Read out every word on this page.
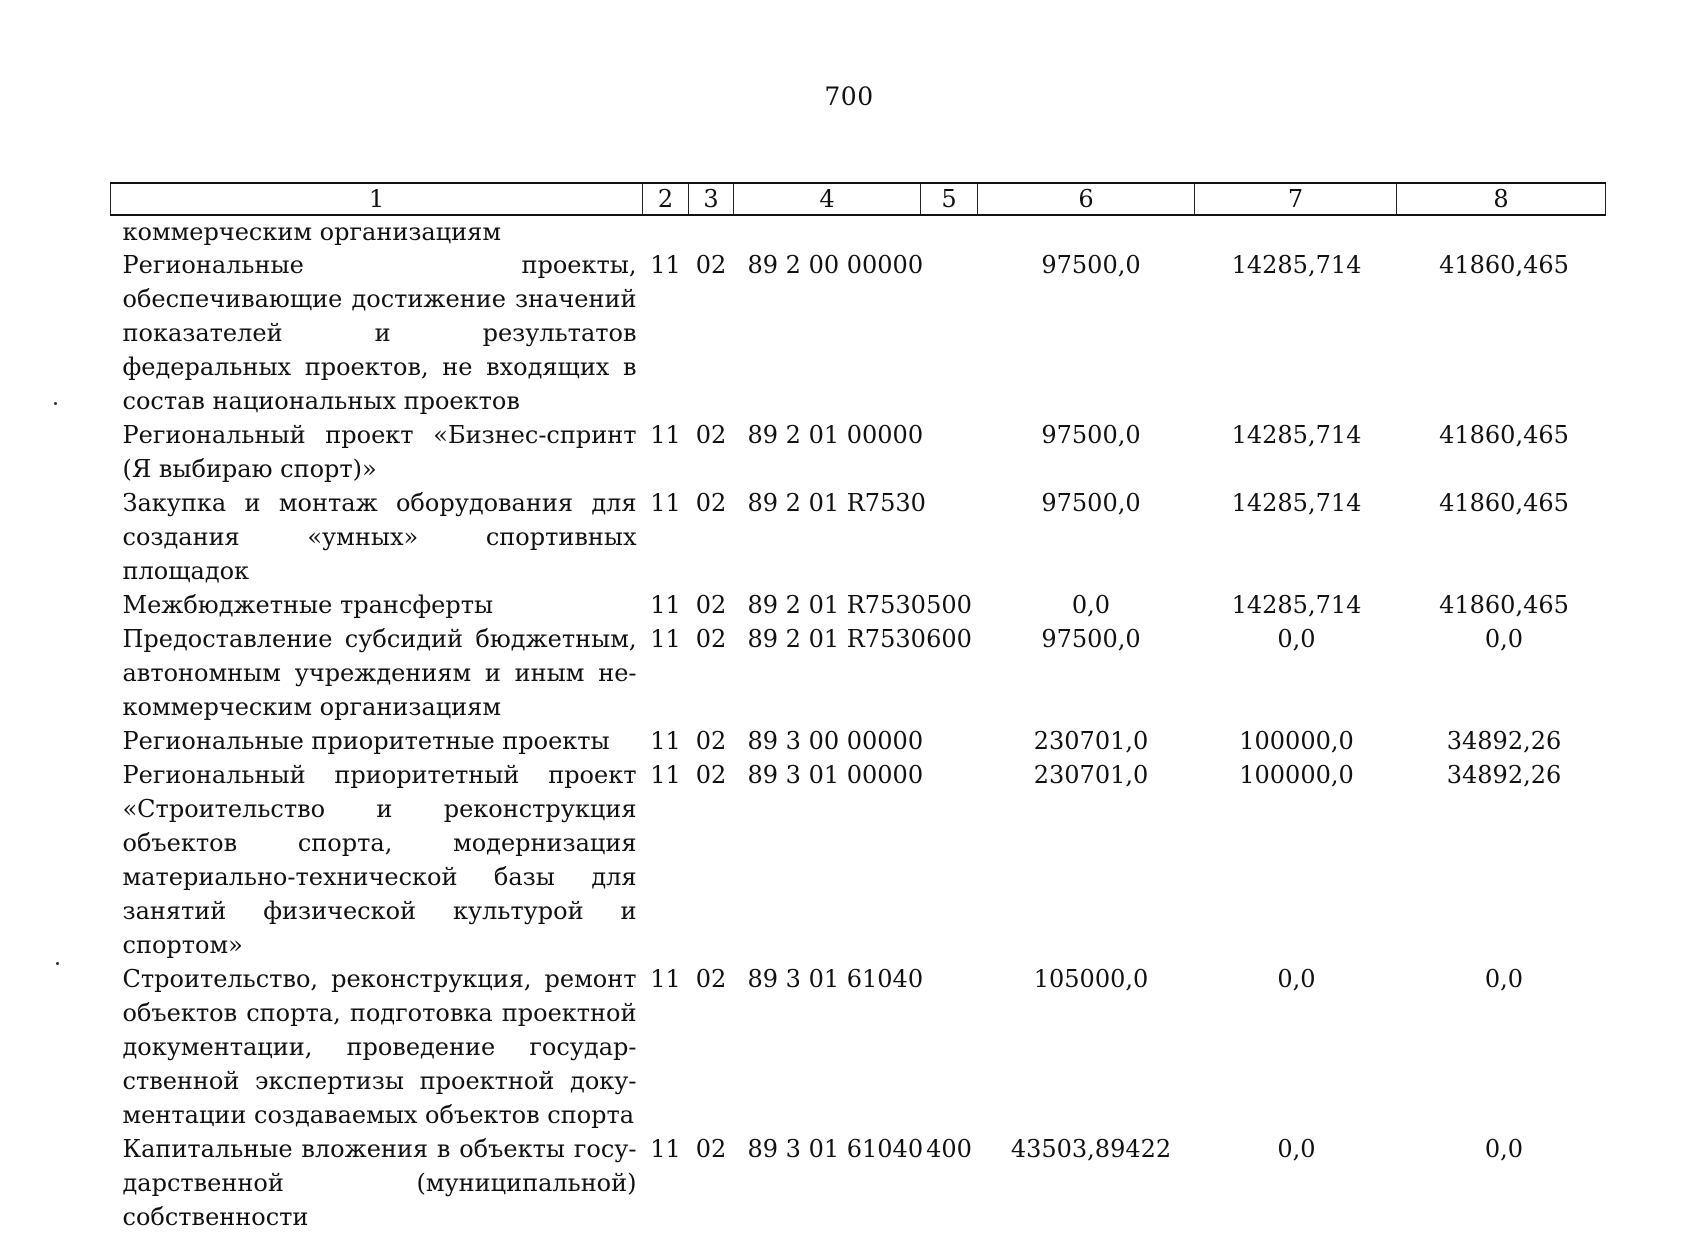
700
1	2	3	4	5	6	7	8
коммерческим организациям							
Региональные проекты, обеспечивающие достижение значений показателей и результатов федеральных проектов, не входящих в состав национальных проектов	11	02	89 2 00 00000		97500,0	14285,714	41860,465
Региональный проект «Бизнес-спринт (Я выбираю спорт)»	11	02	89 2 01 00000		97500,0	14285,714	41860,465
Закупка и монтаж оборудования для создания «умных» спортивных площадок	11	02	89 2 01 R7530		97500,0	14285,714	41860,465
Межбюджетные трансферты	11	02	89 2 01 R7530	500	0,0	14285,714	41860,465
Предоставление субсидий бюджетным, автономным учреждениям и иным некоммерческим организациям	11	02	89 2 01 R7530	600	97500,0	0,0	0,0
Региональные приоритетные проекты	11	02	89 3 00 00000		230701,0	100000,0	34892,26
Региональный приоритетный проект «Строительство и реконструкция объектов спорта, модернизация материально-технической базы для занятий физической культурой и спортом»	11	02	89 3 01 00000		230701,0	100000,0	34892,26
Строительство, реконструкция, ремонт объектов спорта, подготовка проектной документации, проведение государственной экспертизы проектной документации создаваемых объектов спорта	11	02	89 3 01 61040		105000,0	0,0	0,0
Капитальные вложения в объекты государственной (муниципальной) собственности	11	02	89 3 01 61040	400	43503,89422	0,0	0,0
